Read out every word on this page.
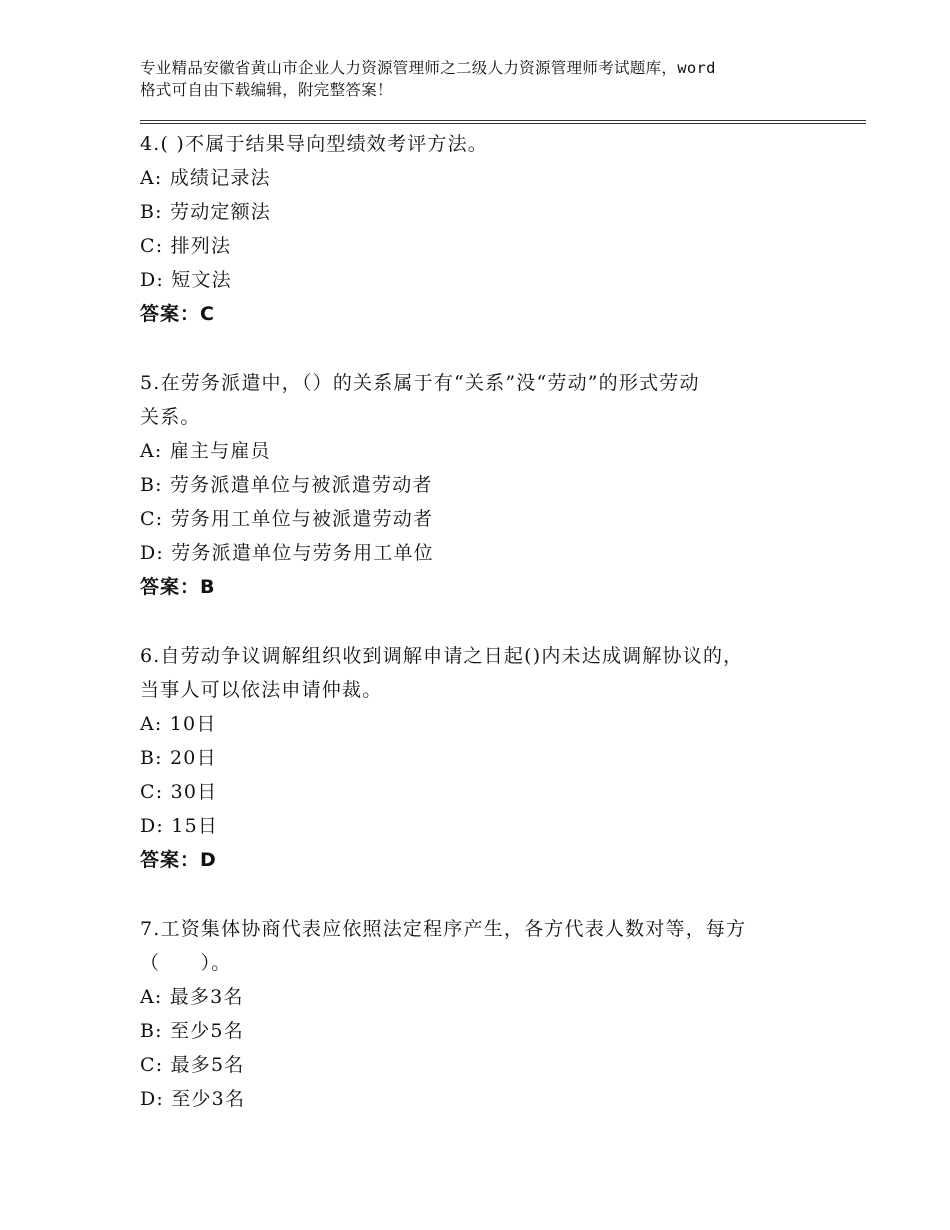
专业精品安徽省黄山市企业人力资源管理师之二级人力资源管理师考试题库，word
格式可自由下载编辑，附完整答案！
4.( )不属于结果导向型绩效考评方法。
A: 成绩记录法
B: 劳动定额法
C: 排列法
D: 短文法
答案：C
5.在劳务派遣中，（）的关系属于有“关系”没“劳动”的形式劳动
关系。
A: 雇主与雇员
B: 劳务派遣单位与被派遣劳动者
C: 劳务用工单位与被派遣劳动者
D: 劳务派遣单位与劳务用工单位
答案：B
6.自劳动争议调解组织收到调解申请之日起()内未达成调解协议的，
当事人可以依法申请仲裁。
A: 10日
B: 20日
C: 30日
D: 15日
答案：D
7.工资集体协商代表应依照法定程序产生，各方代表人数对等，每方
（　　）。
A: 最多3名
B: 至少5名
C: 最多5名
D: 至少3名
